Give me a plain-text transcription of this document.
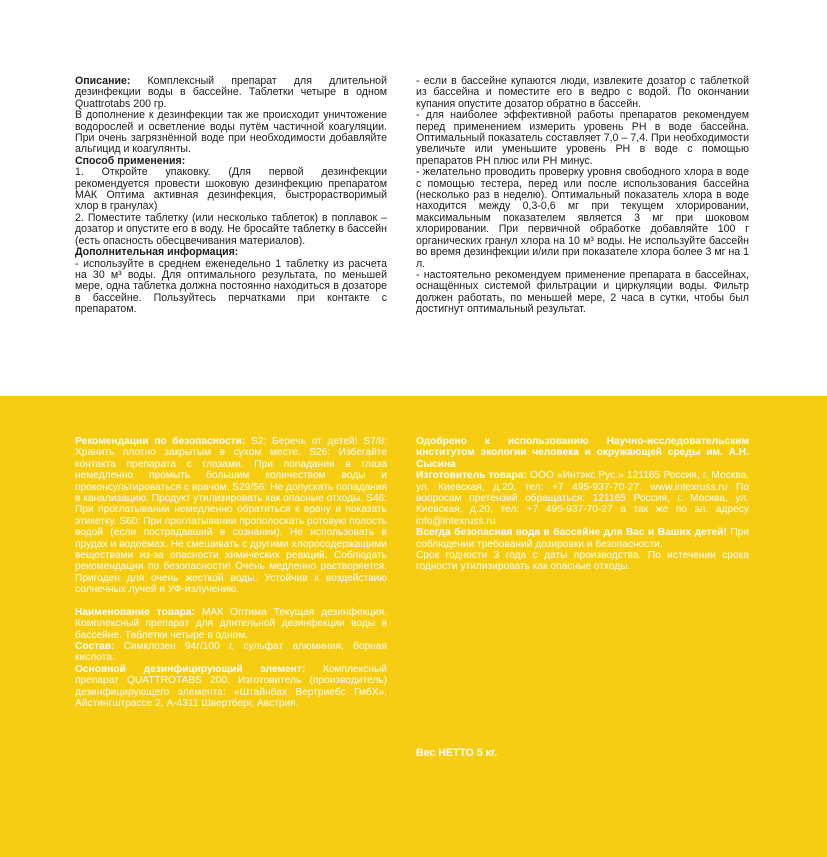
Описание: Комплексный препарат для длительной дезинфекции воды в бассейне. Таблетки четыре в одном Quattrotabs 200 гр.

В дополнение к дезинфекции так же происходит уничтожение водорослей и осветление воды путём частичной коагуляции. При очень загрязнённой воде при необходимости добавляйте альгицид и коагулянты.

Способ применения:

1. Откройте упаковку. (Для первой дезинфекции рекомендуется провести шоковую дезинфекцию препаратом МАК Оптима активная дезинфекция, быстрорастворимый хлор в гранулах)

2. Поместите таблетку (или несколько таблеток) в поплавок – дозатор и опустите его в воду. Не бросайте таблетку в бассейн (есть опасность обесцвечивания материалов).

Дополнительная информация:

- используйте в среднем еженедельно 1 таблетку из расчета на 30 м³ воды. Для оптимального результата, по меньшей мере, одна таблетка должна постоянно находиться в дозаторе в бассейне. Пользуйтесь перчатками при контакте с препаратом.

- если в бассейне купаются люди, извлеките дозатор с таблеткой из бассейна и поместите его в ведро с водой. По окончании купания опустите дозатор обратно в бассейн.

- для наиболее эффективной работы препаратов рекомендуем перед применением измерить уровень PH в воде бассейна. Оптимальный показатель составляет 7,0 – 7,4. При необходимости увеличьте или уменьшите уровень PH в воде с помощью препаратов PH плюс или PH минус.

- желательно проводить проверку уровня свободного хлора в воде с помощью тестера, перед или после использования бассейна (несколько раз в неделю). Оптимальный показатель хлора в воде находится между 0,3-0,6 мг при текущем хлорировании, максимальным показателем является 3 мг при шоковом хлорировании. При первичной обработке добавляйте 100 г органических гранул хлора на 10 м³ воды. Не используйте бассейн во время дезинфекции и/или при показателе хлора более 3 мг на 1 л.

- настоятельно рекомендуем применение препарата в бассейнах, оснащённых системой фильтрации и циркуляции воды. Фильтр должен работать, по меньшей мере, 2 часа в сутки, чтобы был достигнут оптимальный результат.

Рекомендации по безопасности: S2: Беречь от детей! S7/8: Хранить плотно закрытым в сухом месте. S26: Избегайте контакта препарата с глазами. При попадании в глаза немедленно промыть большим количеством воды и проконсультироваться с врачом. S29/56: Не допускать попадания в канализацию. Продукт утилизировать как опасные отходы. S46: При проглатывании немедленно обратиться к врачу и показать этикетку. S60: При проглатывании прополоскать ротовую полость водой (если пострадавший в сознании). Не использовать в прудах и водоёмах. Не смешивать с другими хлоросодержащими веществами из-за опасности химических реакций. Соблюдать рекомендации по безопасности! Очень медленно растворяется. Пригоден для очень жесткой воды. Устойчив к воздействию солнечных лучей и УФ-излучению.

Наименование товара: МАК Оптима Текущая дезинфекция. Комплексный препарат для длительной дезинфекции воды в бассейне. Таблетки четыре в одном.

Состав: Симклозен 94г/100 г, сульфат алюминия, борная кислота.

Основной дезинфицирующий элемент: Комплексный препарат QUATTROTABS 200. Изготовитель (производитель) дезинфицирующего элемента: «Штайнбах Вертриебс ГмбХ», Айстингштрассе 2, А-4311 Швертберг, Австрия.

Одобрено к использованию Научно-исследовательским институтом экологии человека и окружающей среды им. А.Н. Сысина

Изготовитель товара: ООО «Интэкс Рус.» 121165 Россия, г. Москва, ул. Киевская, д.20, тел: +7 495-937-70-27. www.intexruss.ru По вопросам претензий обращаться: 121165 Россия, г. Москва, ул. Киевская, д.20, тел: +7 495-937-70-27 а так же по эл. адресу info@intexruss.ru

Всегда безопасная вода в бассейне для Вас и Ваших детей! При соблюдении требований дозировки и безопасности.

Срок годности 3 года с даты производства. По истечении срока годности утилизировать как опасные отходы.

Вес НЕТТО 5 кг.
